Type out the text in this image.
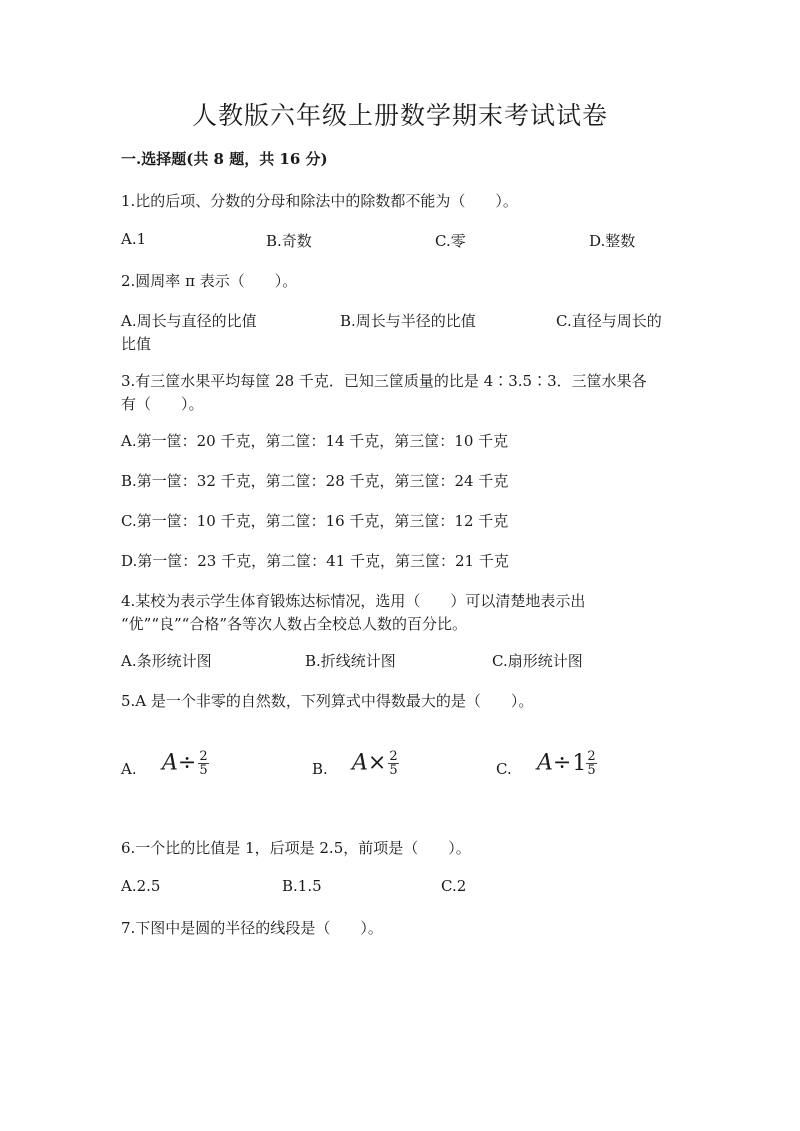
人教版六年级上册数学期末考试试卷
一.选择题(共 8 题，共 16 分)
1.比的后项、分数的分母和除法中的除数都不能为（　　）。
A.1	B.奇数	C.零	D.整数
2.圆周率 π 表示（　　）。
A.周长与直径的比值	B.周长与半径的比值	C.直径与周长的
比值
3.有三筐水果平均每筐 28 千克．已知三筐质量的比是 4∶3.5∶3．三筐水果各
有（　　）。
A.第一筐：20 千克，第二筐：14 千克，第三筐：10 千克
B.第一筐：32 千克，第二筐：28 千克，第三筐：24 千克
C.第一筐：10 千克，第二筐：16 千克，第三筐：12 千克
D.第一筐：23 千克，第二筐：41 千克，第三筐：21 千克
4.某校为表示学生体育锻炼达标情况，选用（　　）可以清楚地表示出
“优”“良”“合格”各等次人数占全校总人数的百分比。
A.条形统计图	B.折线统计图	C.扇形统计图
5.A 是一个非零的自然数，下列算式中得数最大的是（　　）。
A. $A\div \frac{2}{5}$	B. $A\times \frac{2}{5}$	C. $A\div 1 \frac{2}{5}$
6.一个比的比值是 1，后项是 2.5，前项是（　　）。
A.2.5	B.1.5	C.2
7.下图中是圆的半径的线段是（　　）。
